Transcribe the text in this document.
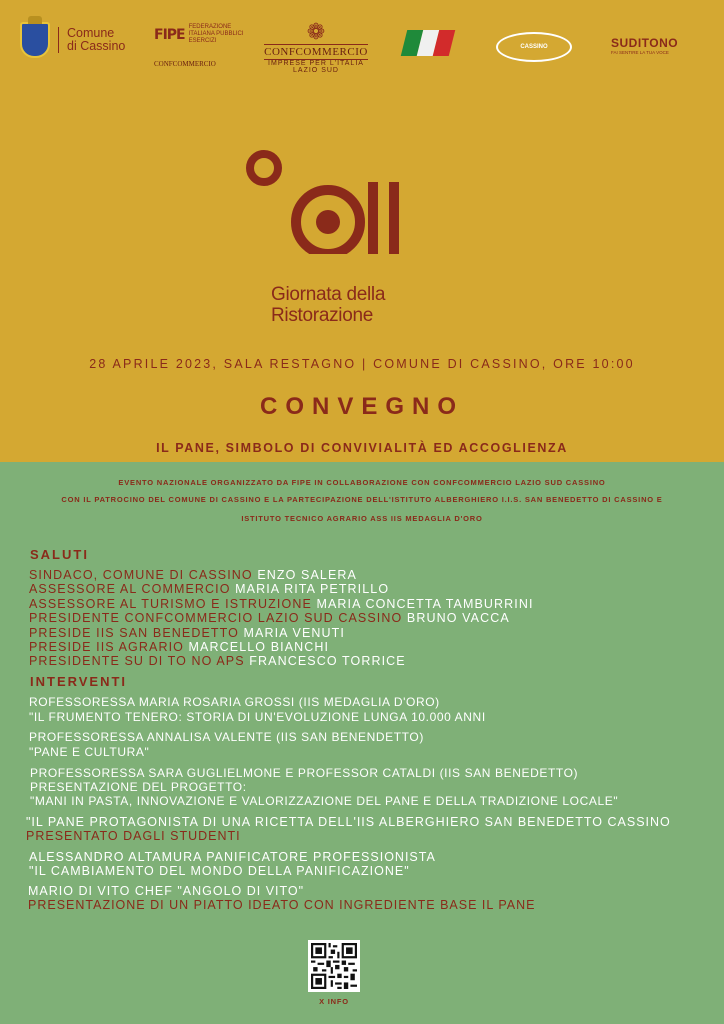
Comune
di Cassino
FIPE FEDERAZIONE ITALIANA PUBBLICI ESERCIZI
CONFCOMMERCIO
❁
CONFCOMMERCIO
IMPRESE PER L'ITALIA
LAZIO SUD
CASSINO	SUDITONO
FAI SENTIRE LA TUA VOCE
Giornata della
Ristorazione
28 APRILE 2023, SALA RESTAGNO | COMUNE DI CASSINO, ORE 10:00
CONVEGNO
IL PANE, SIMBOLO DI CONVIVIALITÀ ED ACCOGLIENZA
EVENTO NAZIONALE ORGANIZZATO DA FIPE IN COLLABORAZIONE CON CONFCOMMERCIO LAZIO SUD CASSINO
CON IL PATROCINO DEL COMUNE DI CASSINO E LA PARTECIPAZIONE DELL'ISTITUTO ALBERGHIERO I.I.S. SAN BENEDETTO DI CASSINO E
ISTITUTO TECNICO AGRARIO ASS IIS MEDAGLIA D'ORO
SALUTI
SINDACO, COMUNE DI CASSINO ENZO SALERA
ASSESSORE AL COMMERCIO MARIA RITA PETRILLO
ASSESSORE AL TURISMO E ISTRUZIONE MARIA CONCETTA TAMBURRINI
PRESIDENTE CONFCOMMERCIO LAZIO SUD CASSINO BRUNO VACCA
PRESIDE IIS SAN BENEDETTO MARIA VENUTI
PRESIDE IIS AGRARIO MARCELLO BIANCHI
PRESIDENTE SU DI TO NO APS FRANCESCO TORRICE
INTERVENTI
ROFESSORESSA MARIA ROSARIA GROSSI (IIS MEDAGLIA D'ORO)
"IL FRUMENTO TENERO: STORIA DI UN'EVOLUZIONE LUNGA 10.000 ANNI
PROFESSORESSA ANNALISA VALENTE (IIS SAN BENENDETTO)
"PANE E CULTURA"
PROFESSORESSA SARA GUGLIELMONE E PROFESSOR CATALDI (IIS SAN BENEDETTO)
PRESENTAZIONE DEL PROGETTO:
"MANI IN PASTA, INNOVAZIONE E VALORIZZAZIONE DEL PANE E DELLA TRADIZIONE LOCALE"
"IL PANE PROTAGONISTA DI UNA RICETTA DELL'IIS ALBERGHIERO SAN BENEDETTO CASSINO
PRESENTATO DAGLI STUDENTI
ALESSANDRO ALTAMURA PANIFICATORE PROFESSIONISTA
"IL CAMBIAMENTO DEL MONDO DELLA PANIFICAZIONE"
MARIO DI VITO CHEF "ANGOLO DI VITO"
PRESENTAZIONE DI UN PIATTO IDEATO CON INGREDIENTE BASE IL PANE
X INFO
